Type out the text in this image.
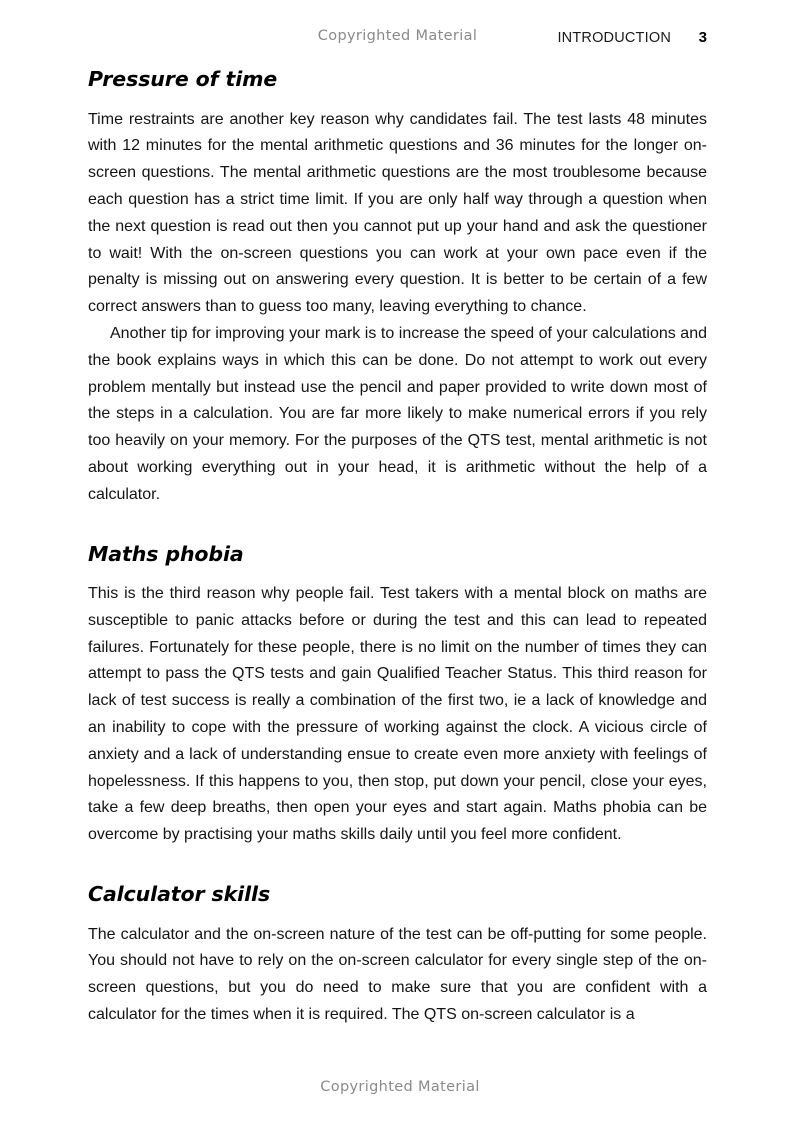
Copyrighted Material	INTRODUCTION 3
Pressure of time

Time restraints are another key reason why candidates fail. The test lasts 48 minutes with 12 minutes for the mental arithmetic questions and 36 minutes for the longer on-screen questions. The mental arithmetic questions are the most troublesome because each question has a strict time limit. If you are only half way through a question when the next question is read out then you cannot put up your hand and ask the questioner to wait! With the on-screen questions you can work at your own pace even if the penalty is missing out on answering every question. It is better to be certain of a few correct answers than to guess too many, leaving everything to chance.

Another tip for improving your mark is to increase the speed of your calculations and the book explains ways in which this can be done. Do not attempt to work out every problem mentally but instead use the pencil and paper provided to write down most of the steps in a calculation. You are far more likely to make numerical errors if you rely too heavily on your memory. For the purposes of the QTS test, mental arithmetic is not about working everything out in your head, it is arithmetic without the help of a calculator.

Maths phobia

This is the third reason why people fail. Test takers with a mental block on maths are susceptible to panic attacks before or during the test and this can lead to repeated failures. Fortunately for these people, there is no limit on the number of times they can attempt to pass the QTS tests and gain Qualified Teacher Status. This third reason for lack of test success is really a combination of the first two, ie a lack of knowledge and an inability to cope with the pressure of working against the clock. A vicious circle of anxiety and a lack of understanding ensue to create even more anxiety with feelings of hopelessness. If this happens to you, then stop, put down your pencil, close your eyes, take a few deep breaths, then open your eyes and start again. Maths phobia can be overcome by practising your maths skills daily until you feel more confident.

Calculator skills

The calculator and the on-screen nature of the test can be off-putting for some people. You should not have to rely on the on-screen calculator for every single step of the on-screen questions, but you do need to make sure that you are confident with a calculator for the times when it is required. The QTS on-screen calculator is a

Copyrighted Material
